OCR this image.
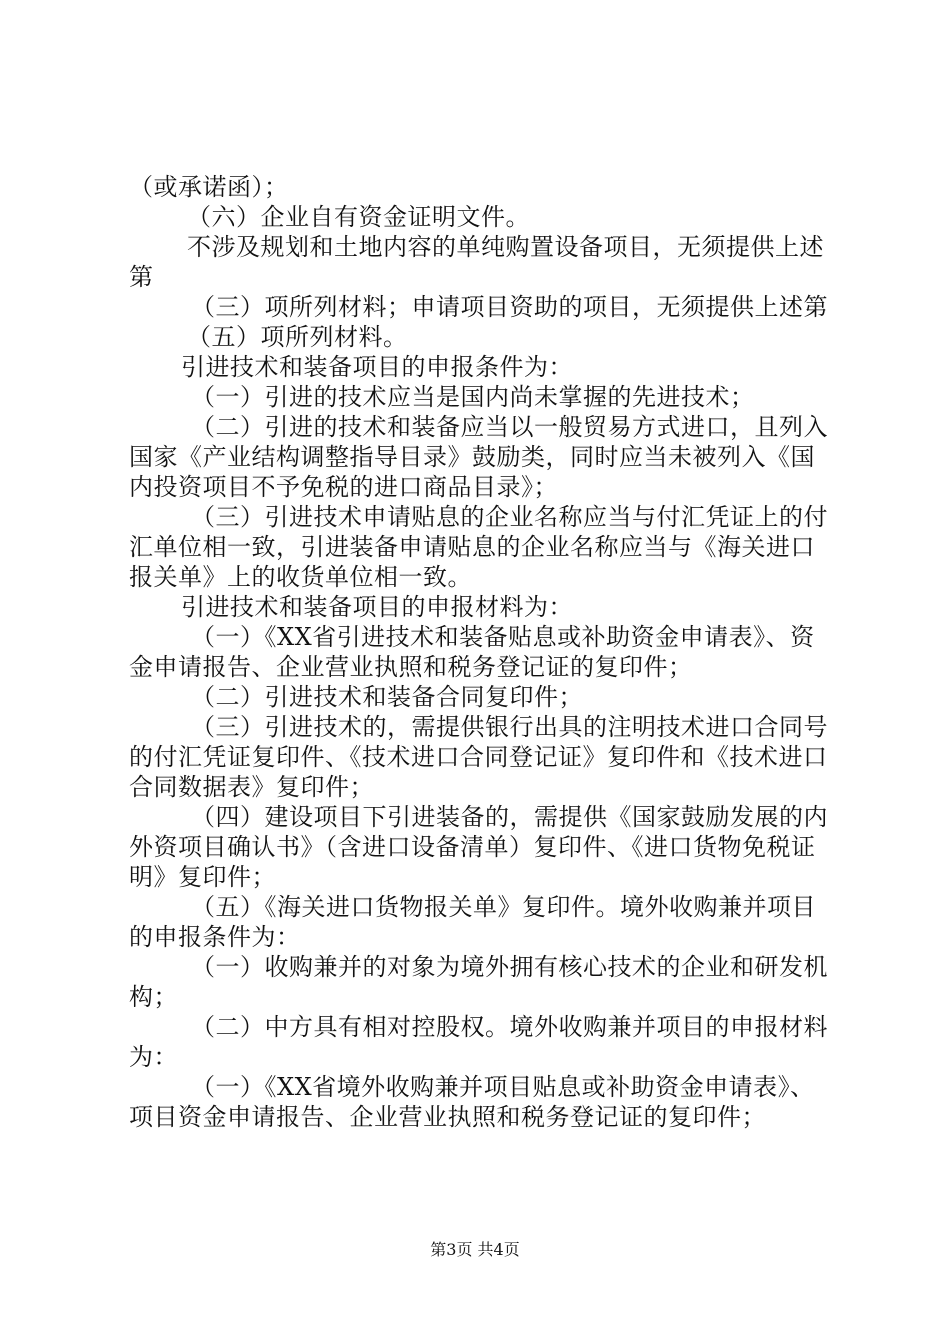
（或承诺函）；

（六）企业自有资金证明文件。

不涉及规划和土地内容的单纯购置设备项目，无须提供上述第

（三）项所列材料；申请项目资助的项目，无须提供上述第

（五）项所列材料。

引进技术和装备项目的申报条件为：

（一）引进的技术应当是国内尚未掌握的先进技术；

（二）引进的技术和装备应当以一般贸易方式进口，且列入国家《产业结构调整指导目录》鼓励类，同时应当未被列入《国内投资项目不予免税的进口商品目录》；

（三）引进技术申请贴息的企业名称应当与付汇凭证上的付汇单位相一致，引进装备申请贴息的企业名称应当与《海关进口报关单》上的收货单位相一致。

引进技术和装备项目的申报材料为：

（一）《XX省引进技术和装备贴息或补助资金申请表》、资金申请报告、企业营业执照和税务登记证的复印件；

（二）引进技术和装备合同复印件；

（三）引进技术的，需提供银行出具的注明技术进口合同号的付汇凭证复印件、《技术进口合同登记证》复印件和《技术进口合同数据表》复印件；

（四）建设项目下引进装备的，需提供《国家鼓励发展的内外资项目确认书》（含进口设备清单）复印件、《进口货物免税证明》复印件；

（五）《海关进口货物报关单》复印件。境外收购兼并项目的申报条件为：

（一）收购兼并的对象为境外拥有核心技术的企业和研发机构；

（二）中方具有相对控股权。境外收购兼并项目的申报材料为：

（一）《XX省境外收购兼并项目贴息或补助资金申请表》、项目资金申请报告、企业营业执照和税务登记证的复印件；

第3页 共4页
